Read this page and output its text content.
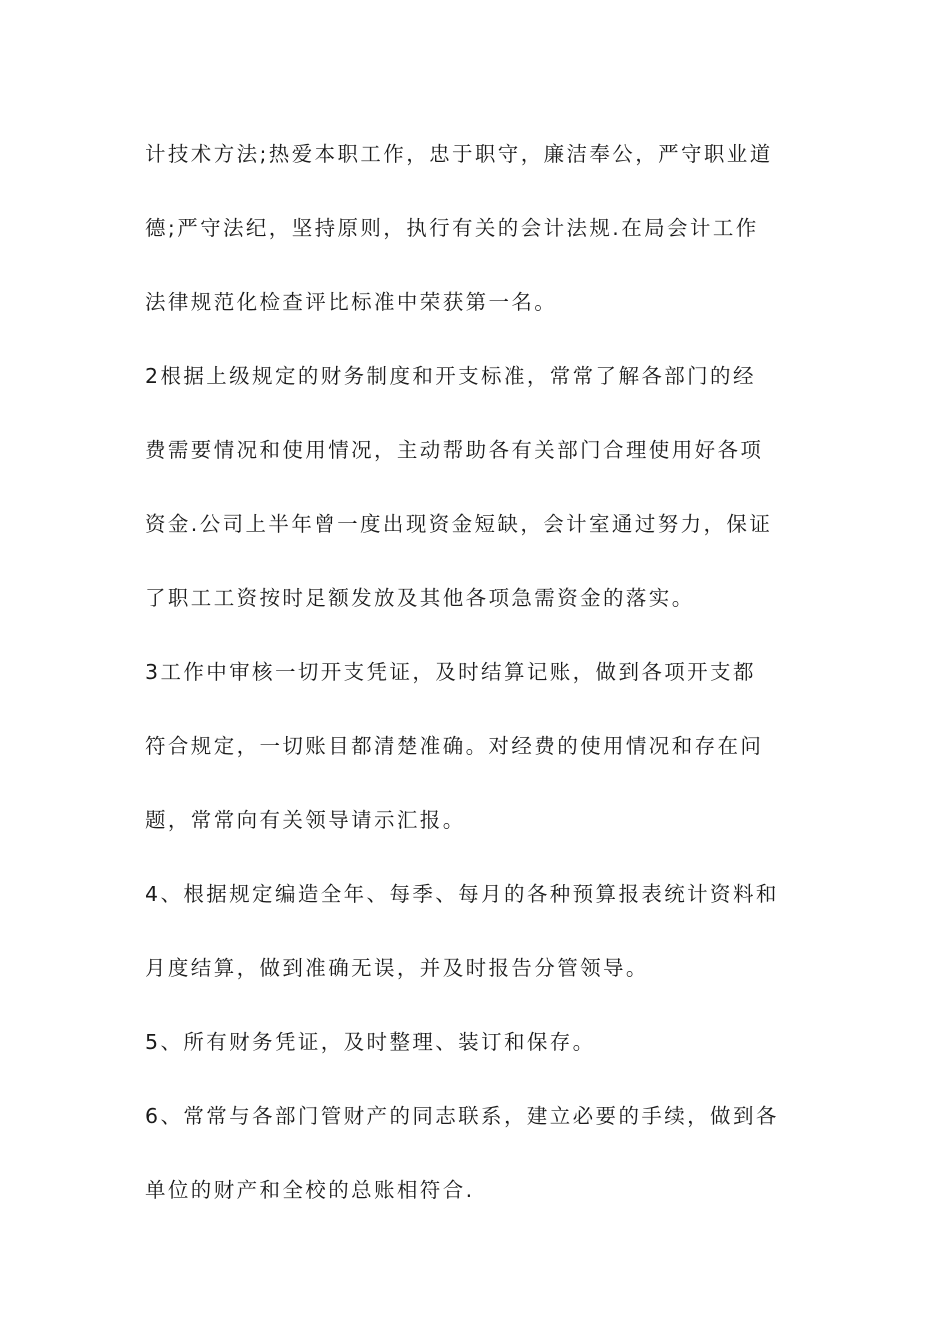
计技术方法;热爱本职工作，忠于职守，廉洁奉公，严守职业道
德;严守法纪，坚持原则，执行有关的会计法规.在局会计工作
法律规范化检查评比标准中荣获第一名。
2根据上级规定的财务制度和开支标准，常常了解各部门的经
费需要情况和使用情况，主动帮助各有关部门合理使用好各项
资金.公司上半年曾一度出现资金短缺，会计室通过努力，保证
了职工工资按时足额发放及其他各项急需资金的落实。
3工作中审核一切开支凭证，及时结算记账，做到各项开支都
符合规定，一切账目都清楚准确。对经费的使用情况和存在问
题，常常向有关领导请示汇报。
4、根据规定编造全年、每季、每月的各种预算报表统计资料和
月度结算，做到准确无误，并及时报告分管领导。
5、所有财务凭证，及时整理、装订和保存。
6、常常与各部门管财产的同志联系，建立必要的手续，做到各
单位的财产和全校的总账相符合.
